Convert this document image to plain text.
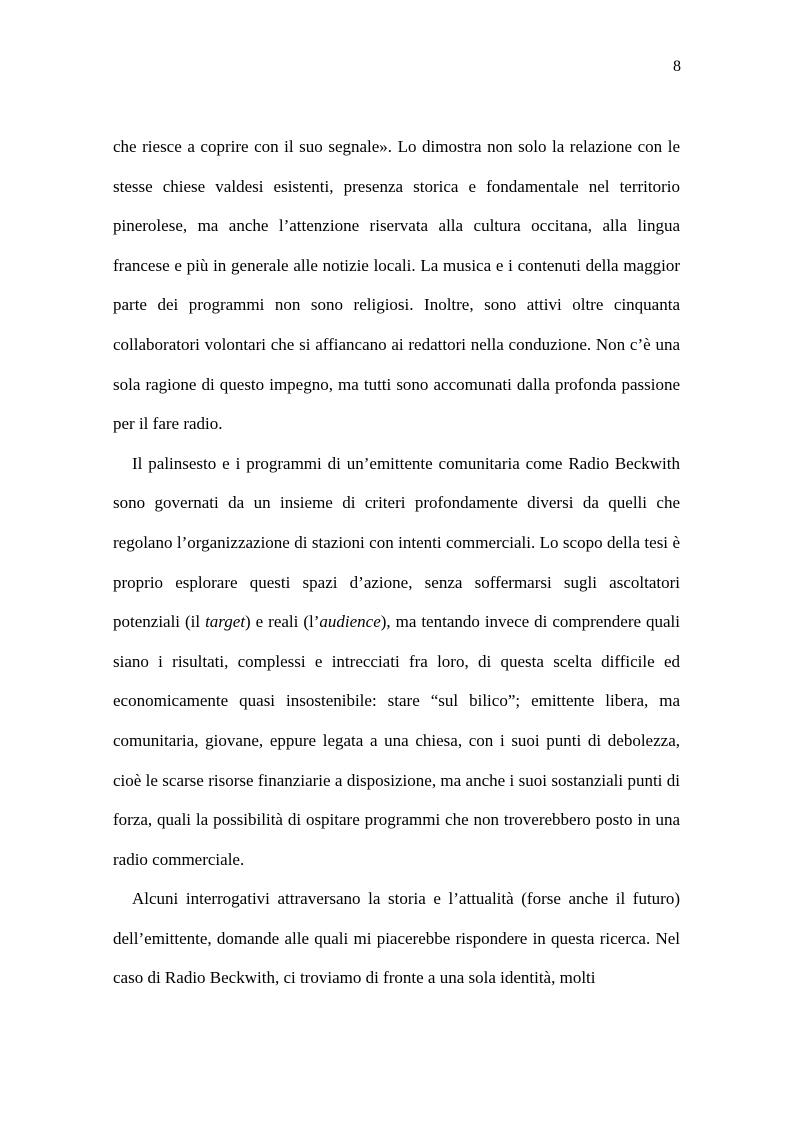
8

che riesce a coprire con il suo segnale». Lo dimostra non solo la relazione con le stesse chiese valdesi esistenti, presenza storica e fondamentale nel territorio pinerolese, ma anche l’attenzione riservata alla cultura occitana, alla lingua francese e più in generale alle notizie locali. La musica e i contenuti della maggior parte dei programmi non sono religiosi. Inoltre, sono attivi oltre cinquanta collaboratori volontari che si affiancano ai redattori nella conduzione. Non c’è una sola ragione di questo impegno, ma tutti sono accomunati dalla profonda passione per il fare radio.

Il palinsesto e i programmi di un’emittente comunitaria come Radio Beckwith sono governati da un insieme di criteri profondamente diversi da quelli che regolano l’organizzazione di stazioni con intenti commerciali. Lo scopo della tesi è proprio esplorare questi spazi d’azione, senza soffermarsi sugli ascoltatori potenziali (il target) e reali (l’audience), ma tentando invece di comprendere quali siano i risultati, complessi e intrecciati fra loro, di questa scelta difficile ed economicamente quasi insostenibile: stare “sul bilico”; emittente libera, ma comunitaria, giovane, eppure legata a una chiesa, con i suoi punti di debolezza, cioè le scarse risorse finanziarie a disposizione, ma anche i suoi sostanziali punti di forza, quali la possibilità di ospitare programmi che non troverebbero posto in una radio commerciale.

Alcuni interrogativi attraversano la storia e l’attualità (forse anche il futuro) dell’emittente, domande alle quali mi piacerebbe rispondere in questa ricerca. Nel caso di Radio Beckwith, ci troviamo di fronte a una sola identità, molti
